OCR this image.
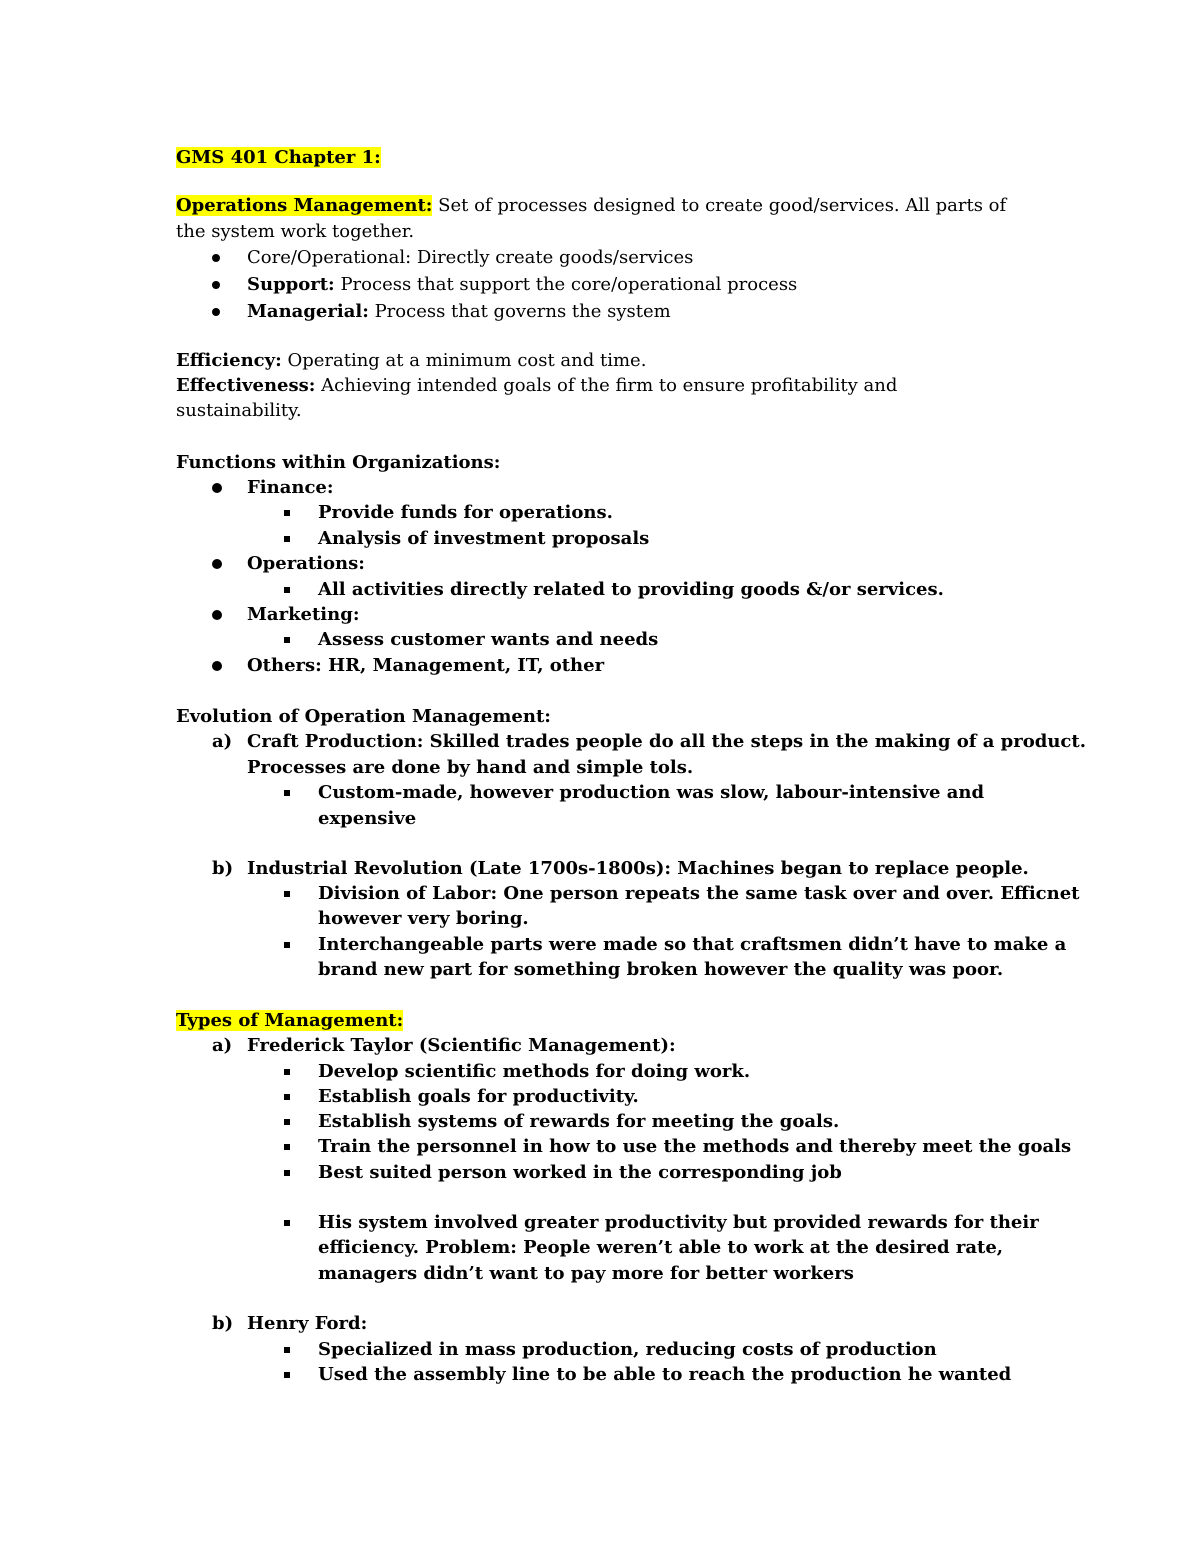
GMS 401 Chapter 1:
Operations Management: Set of processes designed to create good/services. All parts of
the system work together.
Core/Operational: Directly create goods/services
Support: Process that support the core/operational process
Managerial: Process that governs the system
Efficiency: Operating at a minimum cost and time.
Effectiveness: Achieving intended goals of the firm to ensure profitability and
sustainability.
Functions within Organizations:
Finance:
Provide funds for operations.
Analysis of investment proposals
Operations:
All activities directly related to providing goods &/or services.
Marketing:
Assess customer wants and needs
Others: HR, Management, IT, other
Evolution of Operation Management:
a) Craft Production: Skilled trades people do all the steps in the making of a product.
Processes are done by hand and simple tols.
Custom-made, however production was slow, labour-intensive and
expensive
b) Industrial Revolution (Late 1700s-1800s): Machines began to replace people.
Division of Labor: One person repeats the same task over and over. Efficnet
however very boring.
Interchangeable parts were made so that craftsmen didn’t have to make a
brand new part for something broken however the quality was poor.
Types of Management:
a) Frederick Taylor (Scientific Management):
Develop scientific methods for doing work.
Establish goals for productivity.
Establish systems of rewards for meeting the goals.
Train the personnel in how to use the methods and thereby meet the goals
Best suited person worked in the corresponding job
His system involved greater productivity but provided rewards for their
efficiency. Problem: People weren’t able to work at the desired rate,
managers didn’t want to pay more for better workers
b) Henry Ford:
Specialized in mass production, reducing costs of production
Used the assembly line to be able to reach the production he wanted
